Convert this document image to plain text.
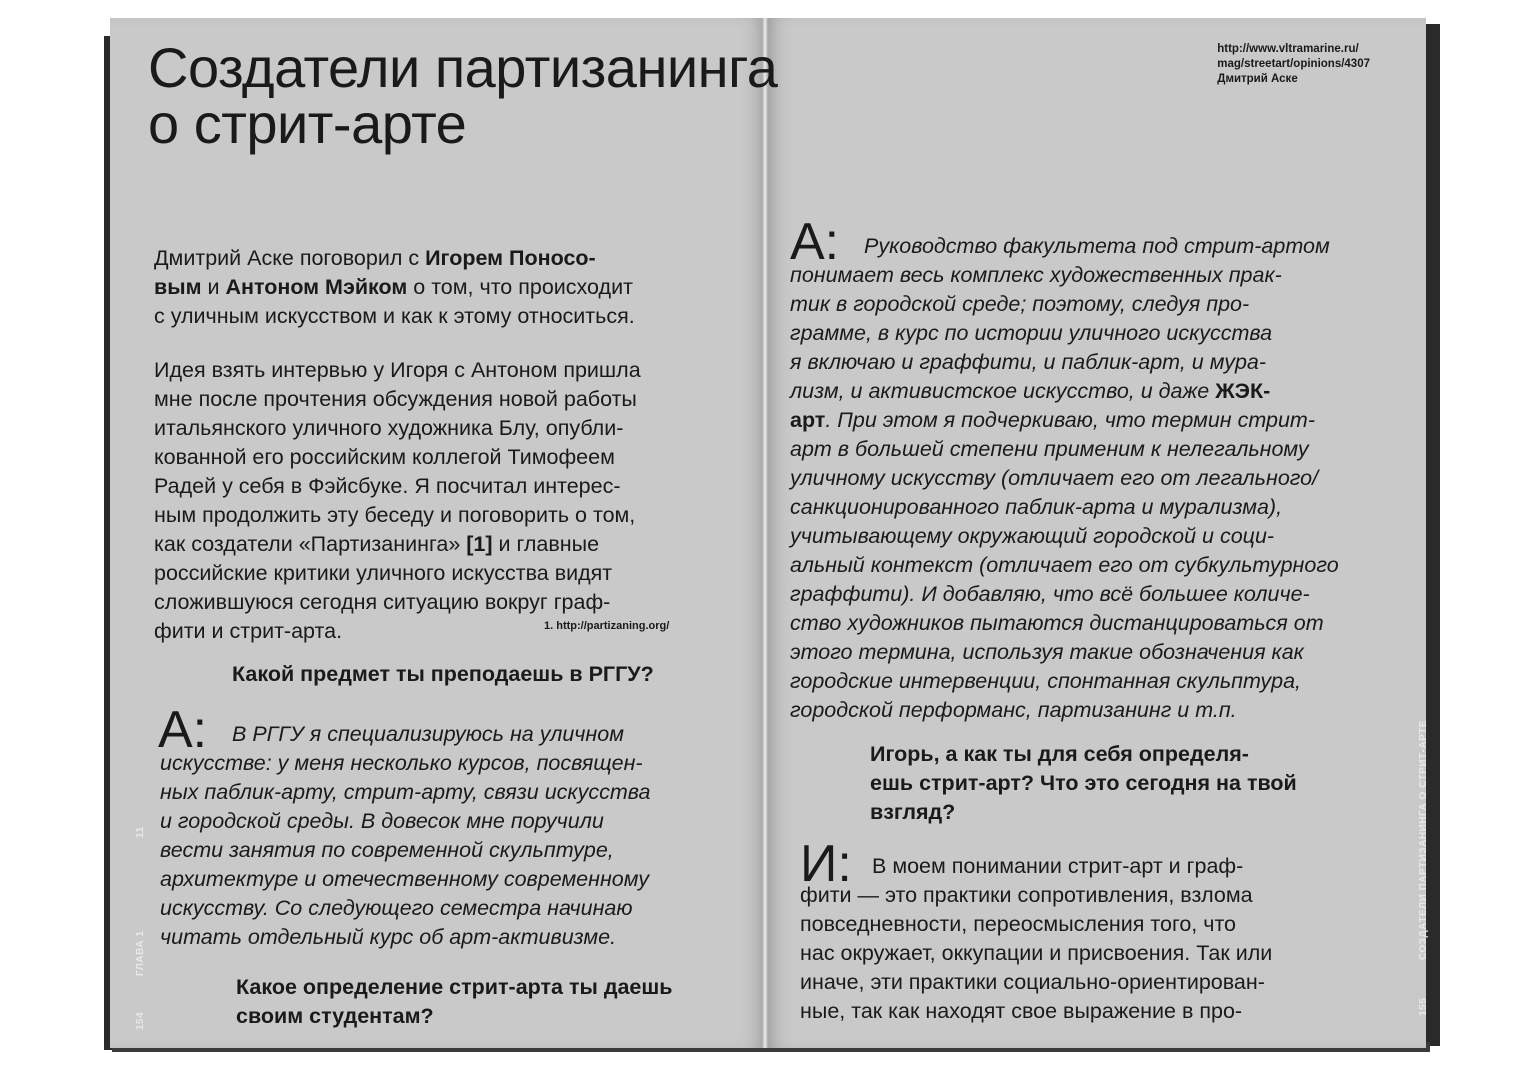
Создатели партизанинга
о стрит-арте
http://www.vltramarine.ru/
mag/streetart/opinions/4307
Дмитрий Аске
Дмитрий Аске поговорил с Игорем Поносо-
вым и Антоном Мэйком о том, что происходит
с уличным искусством и как к этому относиться.
Идея взять интервью у Игоря с Антоном пришла
мне после прочтения обсуждения новой работы
итальянского уличного художника Блу, опубли-
кованной его российским коллегой Тимофеем
Радей у себя в Фэйсбуке. Я посчитал интерес-
ным продолжить эту беседу и поговорить о том,
как создатели «Партизанинга» [1] и главные
российские критики уличного искусства видят
сложившуюся сегодня ситуацию вокруг граф-
фити и стрит-арта.	1. http://partizaning.org/
Какой предмет ты преподаешь в РГГУ?
А:	В РГГУ я специализируюсь на уличном
искусстве: у меня несколько курсов, посвящен-
ных паблик-арту, стрит-арту, связи искусства
и городской среды. В довесок мне поручили
вести занятия по современной скульптуре,
архитектуре и отечественному современному
искусству. Со следующего семестра начинаю
читать отдельный курс об арт-активизме.
Какое определение стрит-арта ты даешь
своим студентам?
А:	Руководство факультета под стрит-артом
понимает весь комплекс художественных прак-
тик в городской среде; поэтому, следуя про-
грамме, в курс по истории уличного искусства
я включаю и граффити, и паблик-арт, и мура-
лизм, и активистское искусство, и даже ЖЭК-
арт. При этом я подчеркиваю, что термин стрит-
арт в большей степени применим к нелегальному
уличному искусству (отличает его от легального/
санкционированного паблик-арта и мурализма),
учитывающему окружающий городской и соци-
альный контекст (отличает его от субкультурного
граффити). И добавляю, что всё большее количе-
ство художников пытаются дистанцироваться от
этого термина, используя такие обозначения как
городские интервенции, спонтанная скульптура,
городской перформанс, партизанинг и т.п.
Игорь, а как ты для себя определя-
ешь стрит-арт? Что это сегодня на твой
взгляд?
И: В моем понимании стрит-арт и граф-
фити — это практики сопротивления, взлома
повседневности, переосмысления того, что
нас окружает, оккупации и присвоения. Так или
иначе, эти практики социально-ориентирован-
ные, так как находят свое выражение в про-
154
ГЛАВА 1
11
155
СОЗДАТЕЛИ ПАРТИЗАНИНГА О СТРИТ-АРТЕ
